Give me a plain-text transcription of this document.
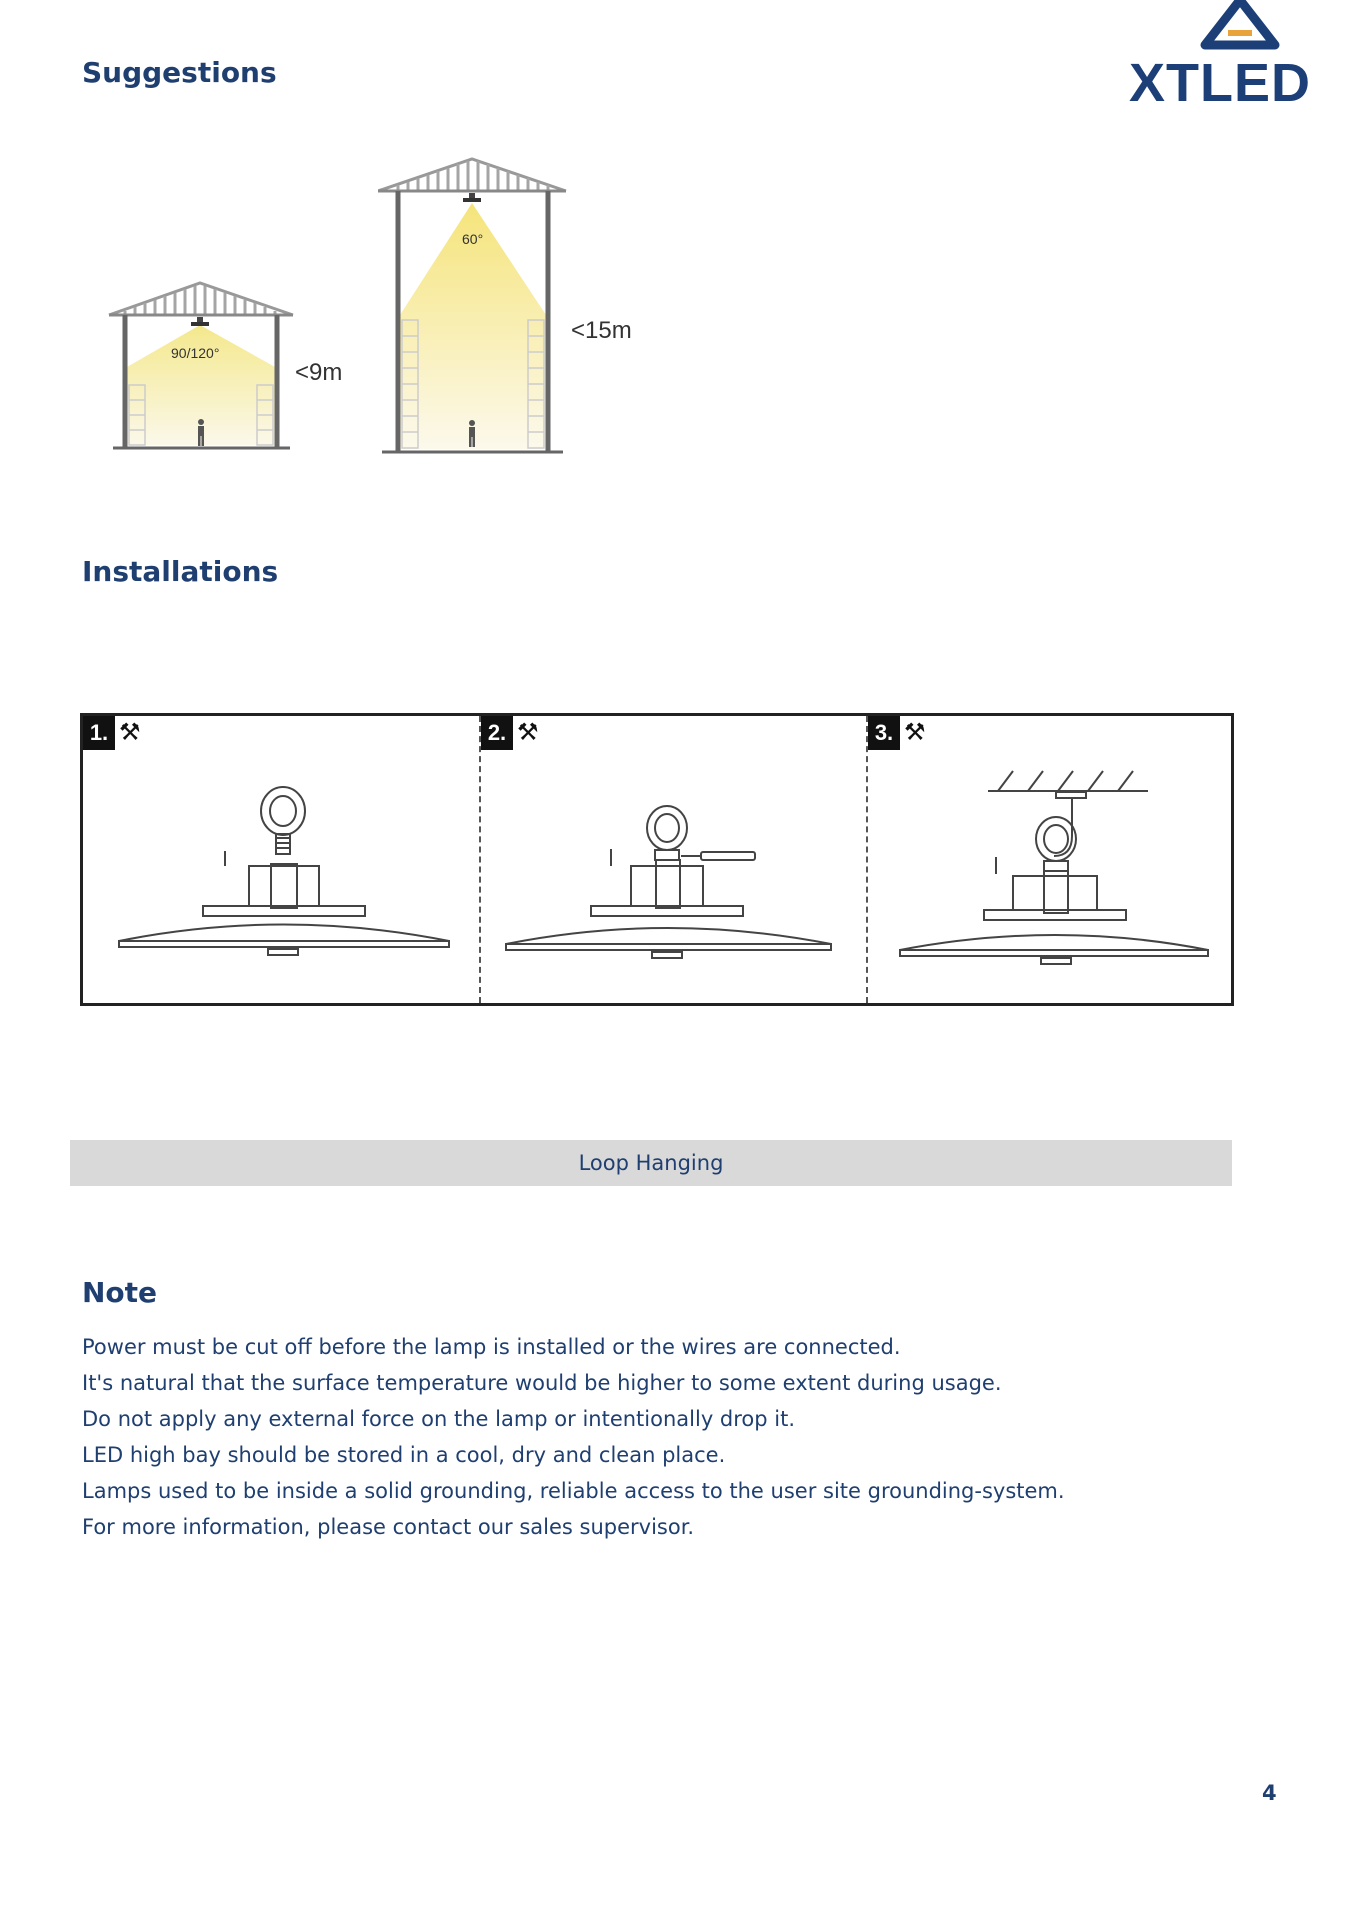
XTLED
Suggestions
90/120°
<9m
60°
<15m
Installations
1. ⚒	2. ⚒	3. ⚒
Loop Hanging
Note

Power must be cut off before the lamp is installed or the wires are connected.

It's natural that the surface temperature would be higher to some extent during usage.

Do not apply any external force on the lamp or intentionally drop it.

LED high bay should be stored in a cool, dry and clean place.

Lamps used to be inside a solid grounding, reliable access to the user site grounding-system.

For more information, please contact our sales supervisor.

4
